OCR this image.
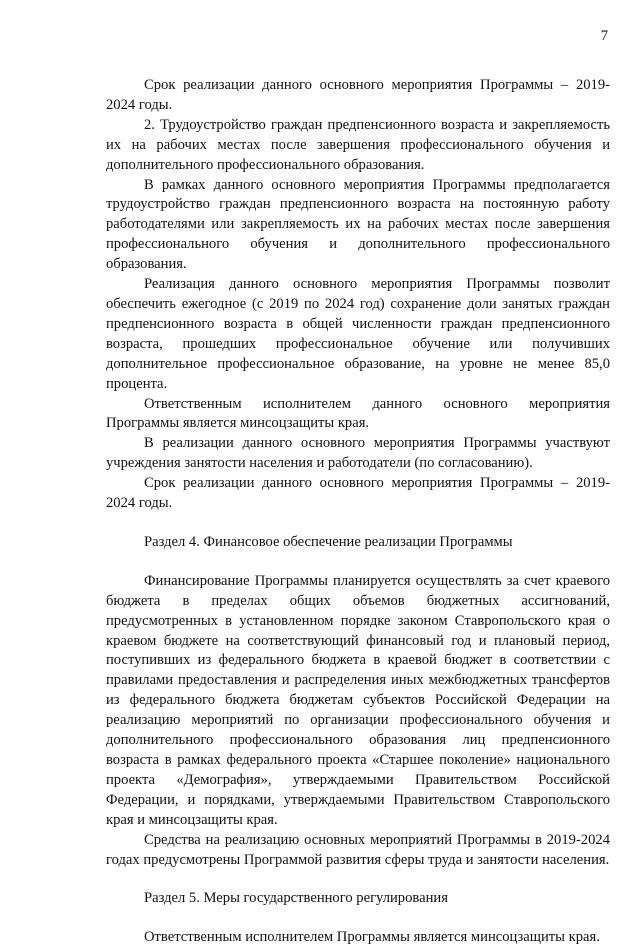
7

Срок реализации данного основного мероприятия Программы – 2019-2024 годы.

2. Трудоустройство граждан предпенсионного возраста и закрепляемость их на рабочих местах после завершения профессионального обучения и дополнительного профессионального образования.

В рамках данного основного мероприятия Программы предполагается трудоустройство граждан предпенсионного возраста на постоянную работу работодателями или закрепляемость их на рабочих местах после завершения профессионального обучения и дополнительного профессионального образования.

Реализация данного основного мероприятия Программы позволит обеспечить ежегодное (с 2019 по 2024 год) сохранение доли занятых граждан предпенсионного возраста в общей численности граждан предпенсионного возраста, прошедших профессиональное обучение или получивших дополнительное профессиональное образование, на уровне не менее 85,0 процента.

Ответственным исполнителем данного основного мероприятия Программы является минсоцзащиты края.

В реализации данного основного мероприятия Программы участвуют учреждения занятости населения и работодатели (по согласованию).

Срок реализации данного основного мероприятия Программы – 2019-2024 годы.

Раздел 4. Финансовое обеспечение реализации Программы

Финансирование Программы планируется осуществлять за счет краевого бюджета в пределах общих объемов бюджетных ассигнований, предусмотренных в установленном порядке законом Ставропольского края о краевом бюджете на соответствующий финансовый год и плановый период, поступивших из федерального бюджета в краевой бюджет в соответствии с правилами предоставления и распределения иных межбюджетных трансфертов из федерального бюджета бюджетам субъектов Российской Федерации на реализацию мероприятий по организации профессионального обучения и дополнительного профессионального образования лиц предпенсионного возраста в рамках федерального проекта «Старшее поколение» национального проекта «Демография», утверждаемыми Правительством Российской Федерации, и порядками, утверждаемыми Правительством Ставропольского края и минсоцзащиты края.

Средства на реализацию основных мероприятий Программы в 2019-2024 годах предусмотрены Программой развития сферы труда и занятости населения.

Раздел 5. Меры государственного регулирования

Ответственным исполнителем Программы является минсоцзащиты края.
